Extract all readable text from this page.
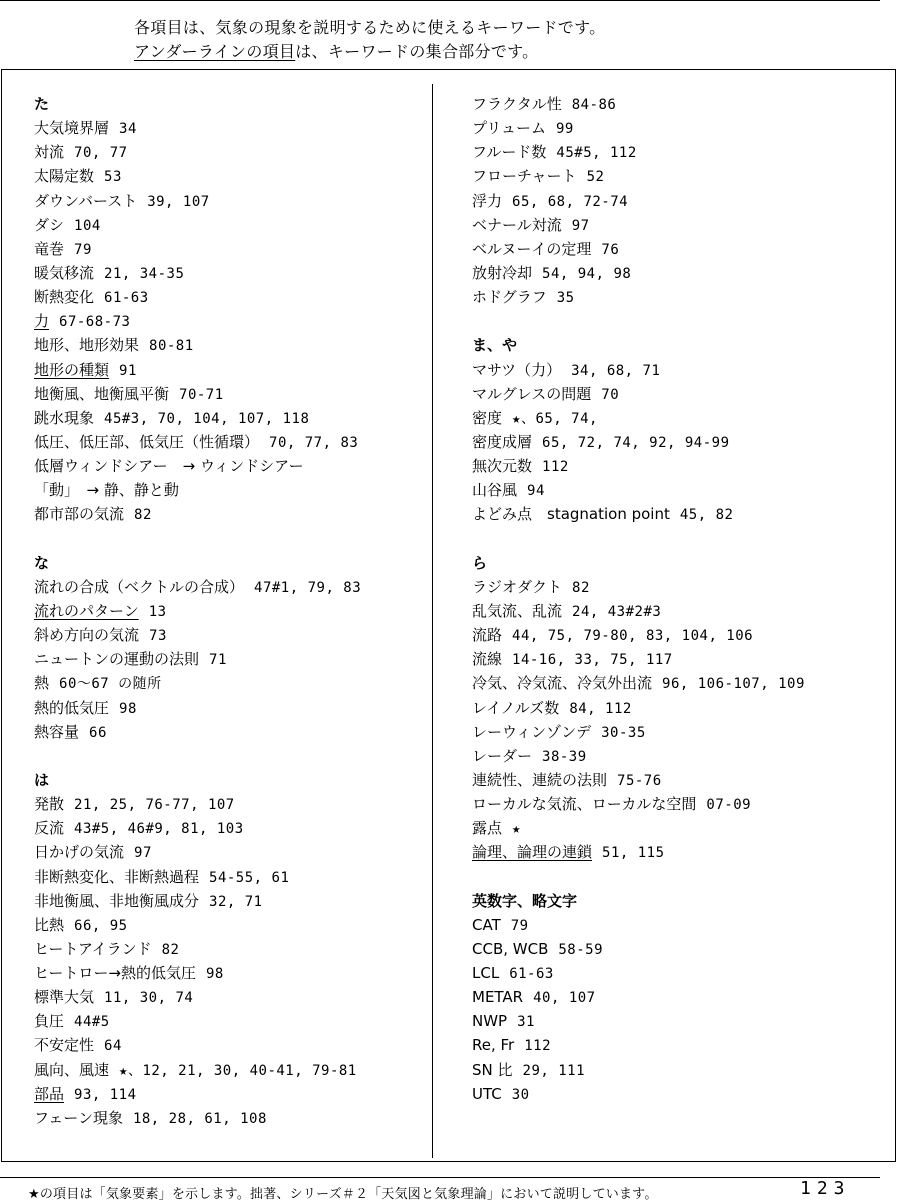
各項目は、気象の現象を説明するために使えるキーワードです。
アンダーラインの項目は、キーワードの集合部分です。
た
大気境界層 34
対流 70, 77
太陽定数 53
ダウンバースト 39, 107
ダシ 104
竜巻 79
暖気移流 21, 34-35
断熱変化 61-63
力 67-68-73
地形、地形効果 80-81
地形の種類 91
地衡風、地衡風平衡 70-71
跳水現象 45#3, 70, 104, 107, 118
低圧、低圧部、低気圧（性循環） 70, 77, 83
低層ウィンドシアー　→ ウィンドシアー
「動」　→ 静、静と動
都市部の気流 82
な
流れの合成（ベクトルの合成） 47#1, 79, 83
流れのパターン 13
斜め方向の気流 73
ニュートンの運動の法則 71
熱 60～67 の随所
熱的低気圧 98
熱容量 66
は
発散 21, 25, 76-77, 107
反流 43#5, 46#9, 81, 103
日かげの気流 97
非断熱変化、非断熱過程 54-55, 61
非地衡風、非地衡風成分 32, 71
比熱 66, 95
ヒートアイランド 82
ヒートロー→熱的低気圧 98
標準大気 11, 30, 74
負圧 44#5
不安定性 64
風向、風速 ★、12, 21, 30, 40-41, 79-81
部品 93, 114
フェーン現象 18, 28, 61, 108
フラクタル性 84-86
プリューム 99
フルード数 45#5, 112
フローチャート 52
浮力 65, 68, 72-74
ベナール対流 97
ベルヌーイの定理 76
放射冷却 54, 94, 98
ホドグラフ 35
ま、や
マサツ（力） 34, 68, 71
マルグレスの問題 70
密度 ★、65, 74,
密度成層 65, 72, 74, 92, 94-99
無次元数 112
山谷風 94
よどみ点　stagnation point 45, 82
ら
ラジオダクト 82
乱気流、乱流 24, 43#2#3
流路 44, 75, 79-80, 83, 104, 106
流線 14-16, 33, 75, 117
冷気、冷気流、冷気外出流 96, 106-107, 109
レイノルズ数 84, 112
レーウィンゾンデ 30-35
レーダー 38-39
連続性、連続の法則 75-76
ローカルな気流、ローカルな空間 07-09
露点 ★
論理、論理の連鎖 51, 115
英数字、略文字
CAT 79
CCB, WCB 58-59
LCL 61-63
METAR 40, 107
NWP 31
Re, Fr 112
SN 比 29, 111
UTC 30
★の項目は「気象要素」を示します。拙著、シリーズ＃２「天気図と気象理論」において説明しています。	123
